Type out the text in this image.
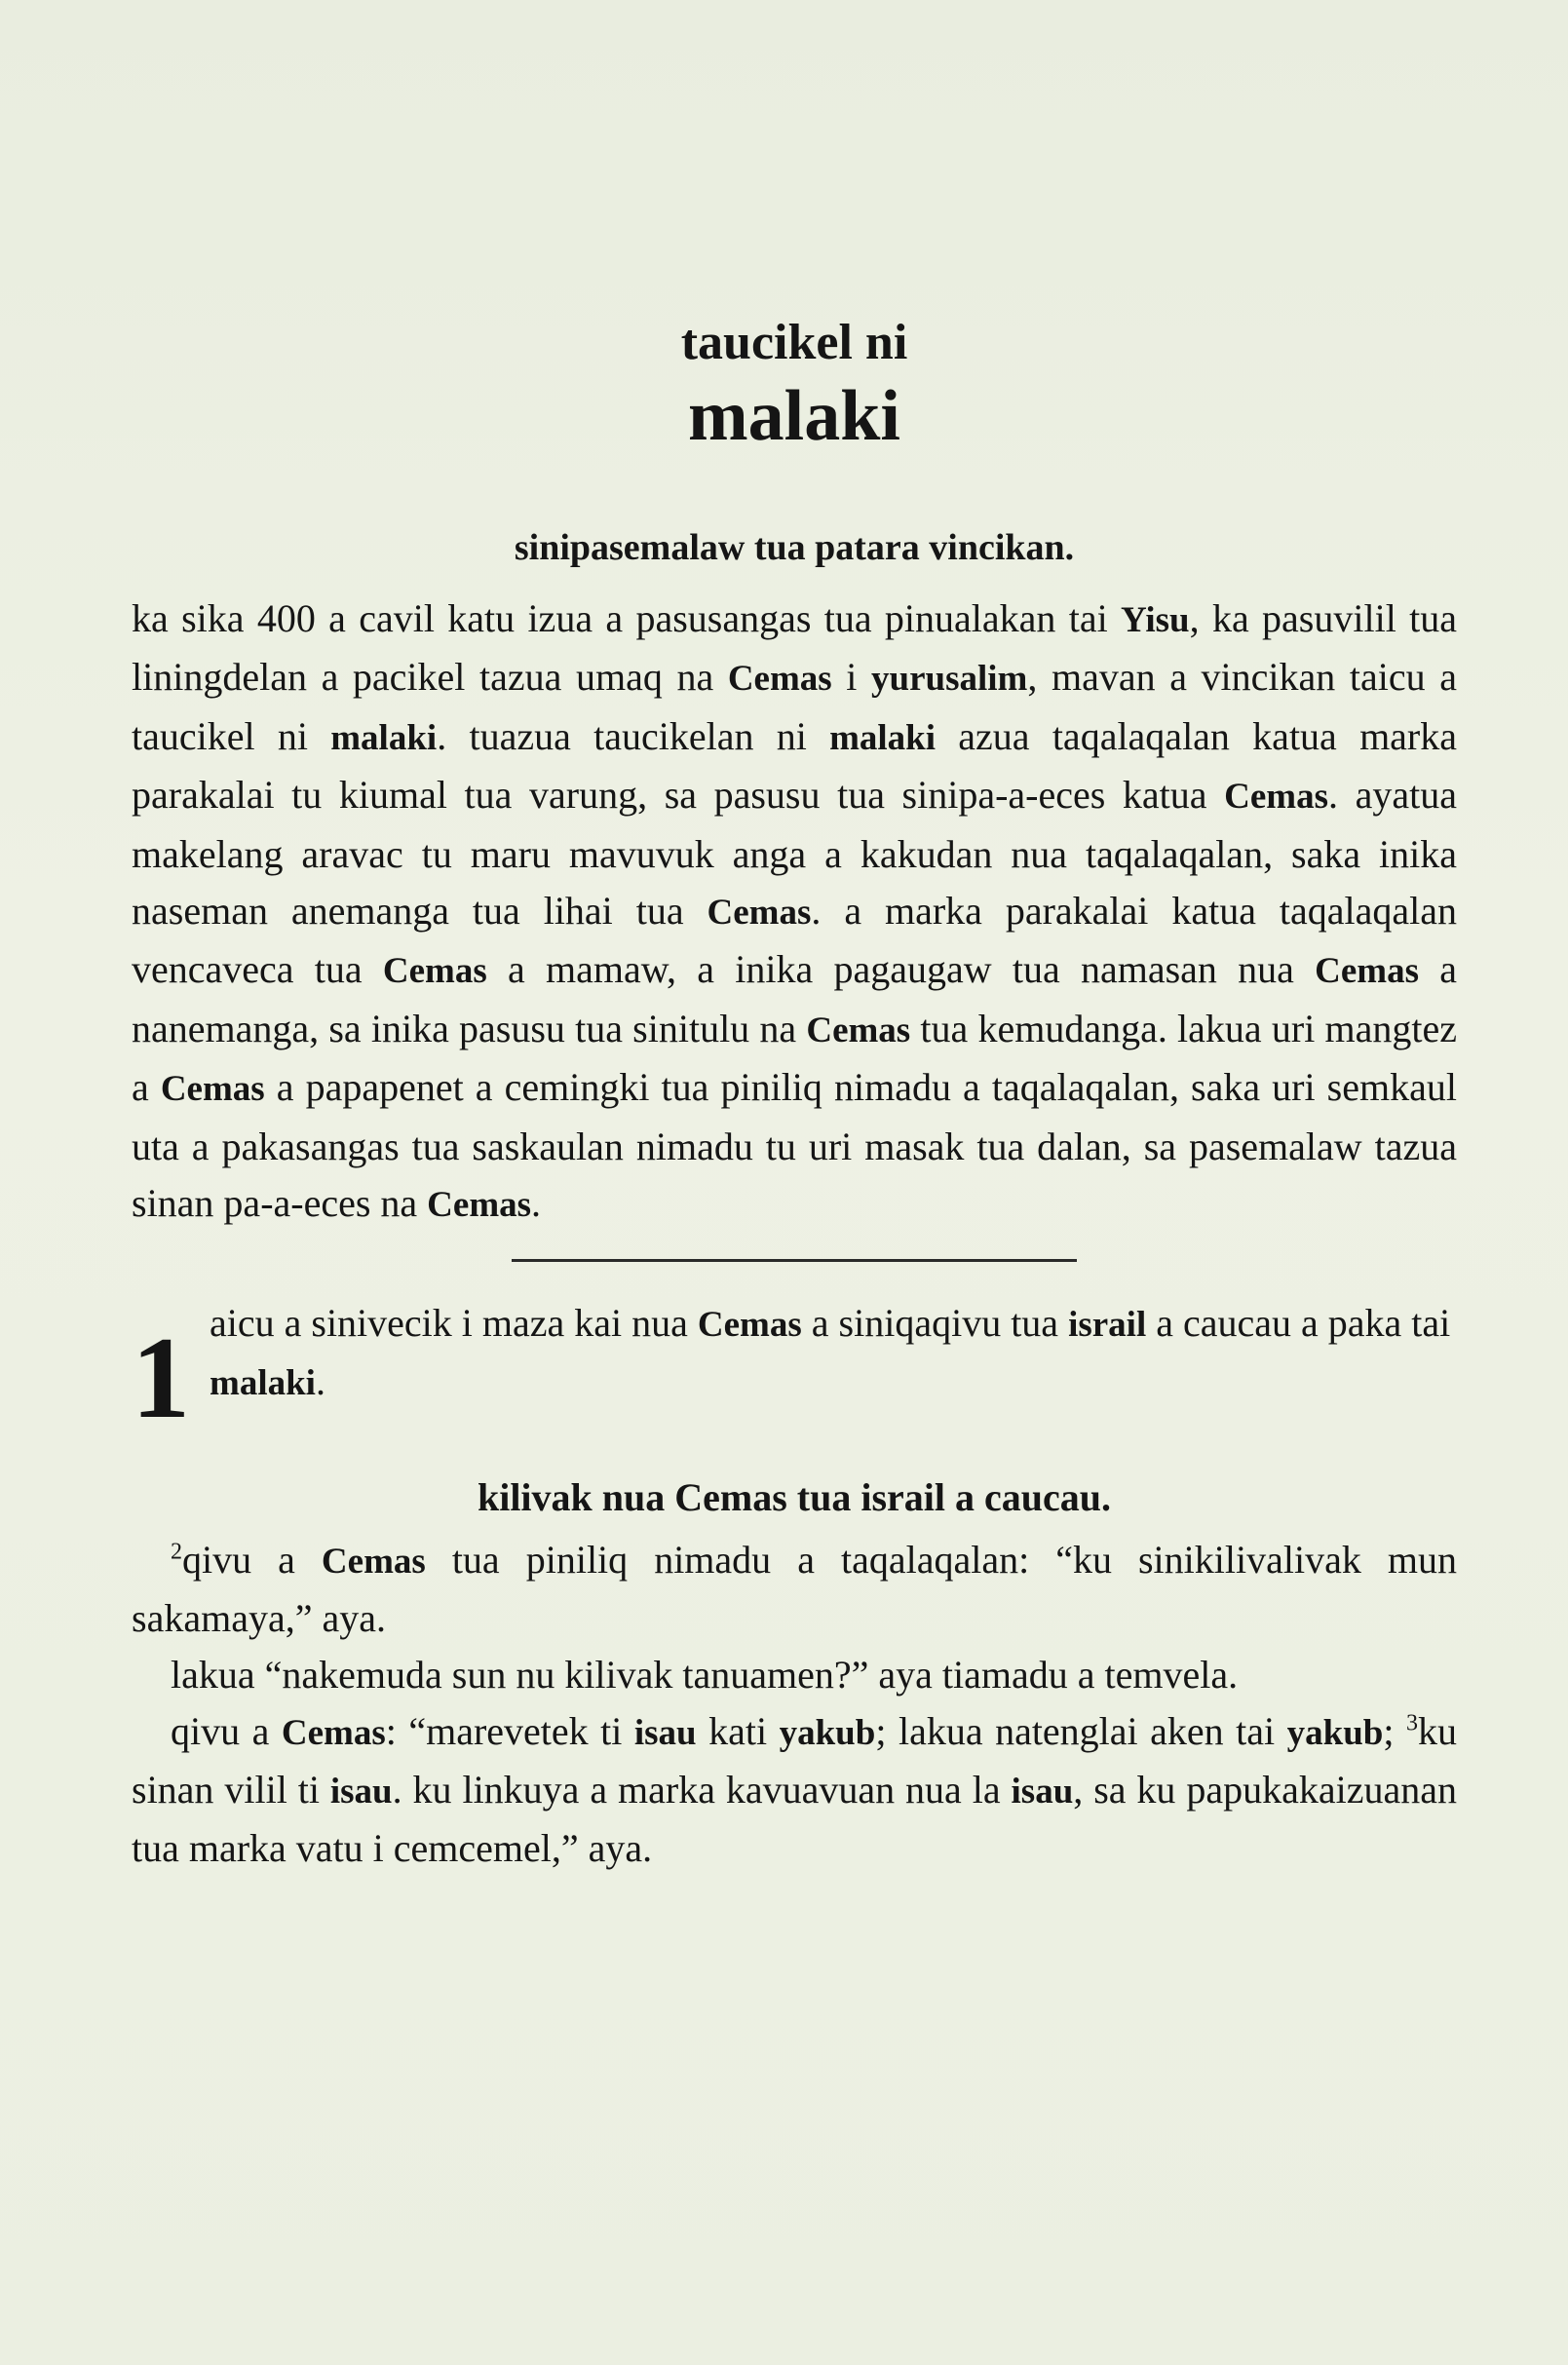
taucikel ni
malaki
sinipasemalaw tua patara vincikan.

ka sika 400 a cavil katu izua a pasusangas tua pinualakan tai Yisu, ka pasuvilil tua liningdelan a pacikel tazua umaq na Cemas i yurusalim, mavan a vincikan taicu a taucikel ni malaki. tuazua taucikelan ni malaki azua taqalaqalan katua marka parakalai tu kiumal tua varung, sa pasusu tua sinipa-a-eces katua Cemas. ayatua makelang aravac tu maru mavuvuk anga a kakudan nua taqalaqalan, saka inika naseman anemanga tua lihai tua Cemas. a marka parakalai katua taqalaqalan vencaveca tua Cemas a mamaw, a inika pagaugaw tua namasan nua Cemas a nanemanga, sa inika pasusu tua sinitulu na Cemas tua kemudanga. lakua uri mangtez a Cemas a papapenet a cemingki tua piniliq nimadu a taqalaqalan, saka uri semkaul uta a pakasangas tua saskaulan nimadu tu uri masak tua dalan, sa pasemalaw tazua sinan pa-a-eces na Cemas.

1 aicu a sinivecik i maza kai nua Cemas a siniqaqivu tua israil a caucau a paka tai malaki.
kilivak nua Cemas tua israil a caucau.

$^2$qivu a Cemas tua piniliq nimadu a taqalaqalan: “ku sinikilivalivak mun sakamaya,” aya.

lakua “nakemuda sun nu kilivak tanuamen?” aya tiamadu a temvela.

qivu a Cemas: “marevetek ti isau kati yakub; lakua natenglai aken tai yakub; $^3$ku sinan vilil ti isau. ku linkuya a marka kavuavuan nua la isau, sa ku papukakaizuanan tua marka vatu i cemcemel,” aya.
